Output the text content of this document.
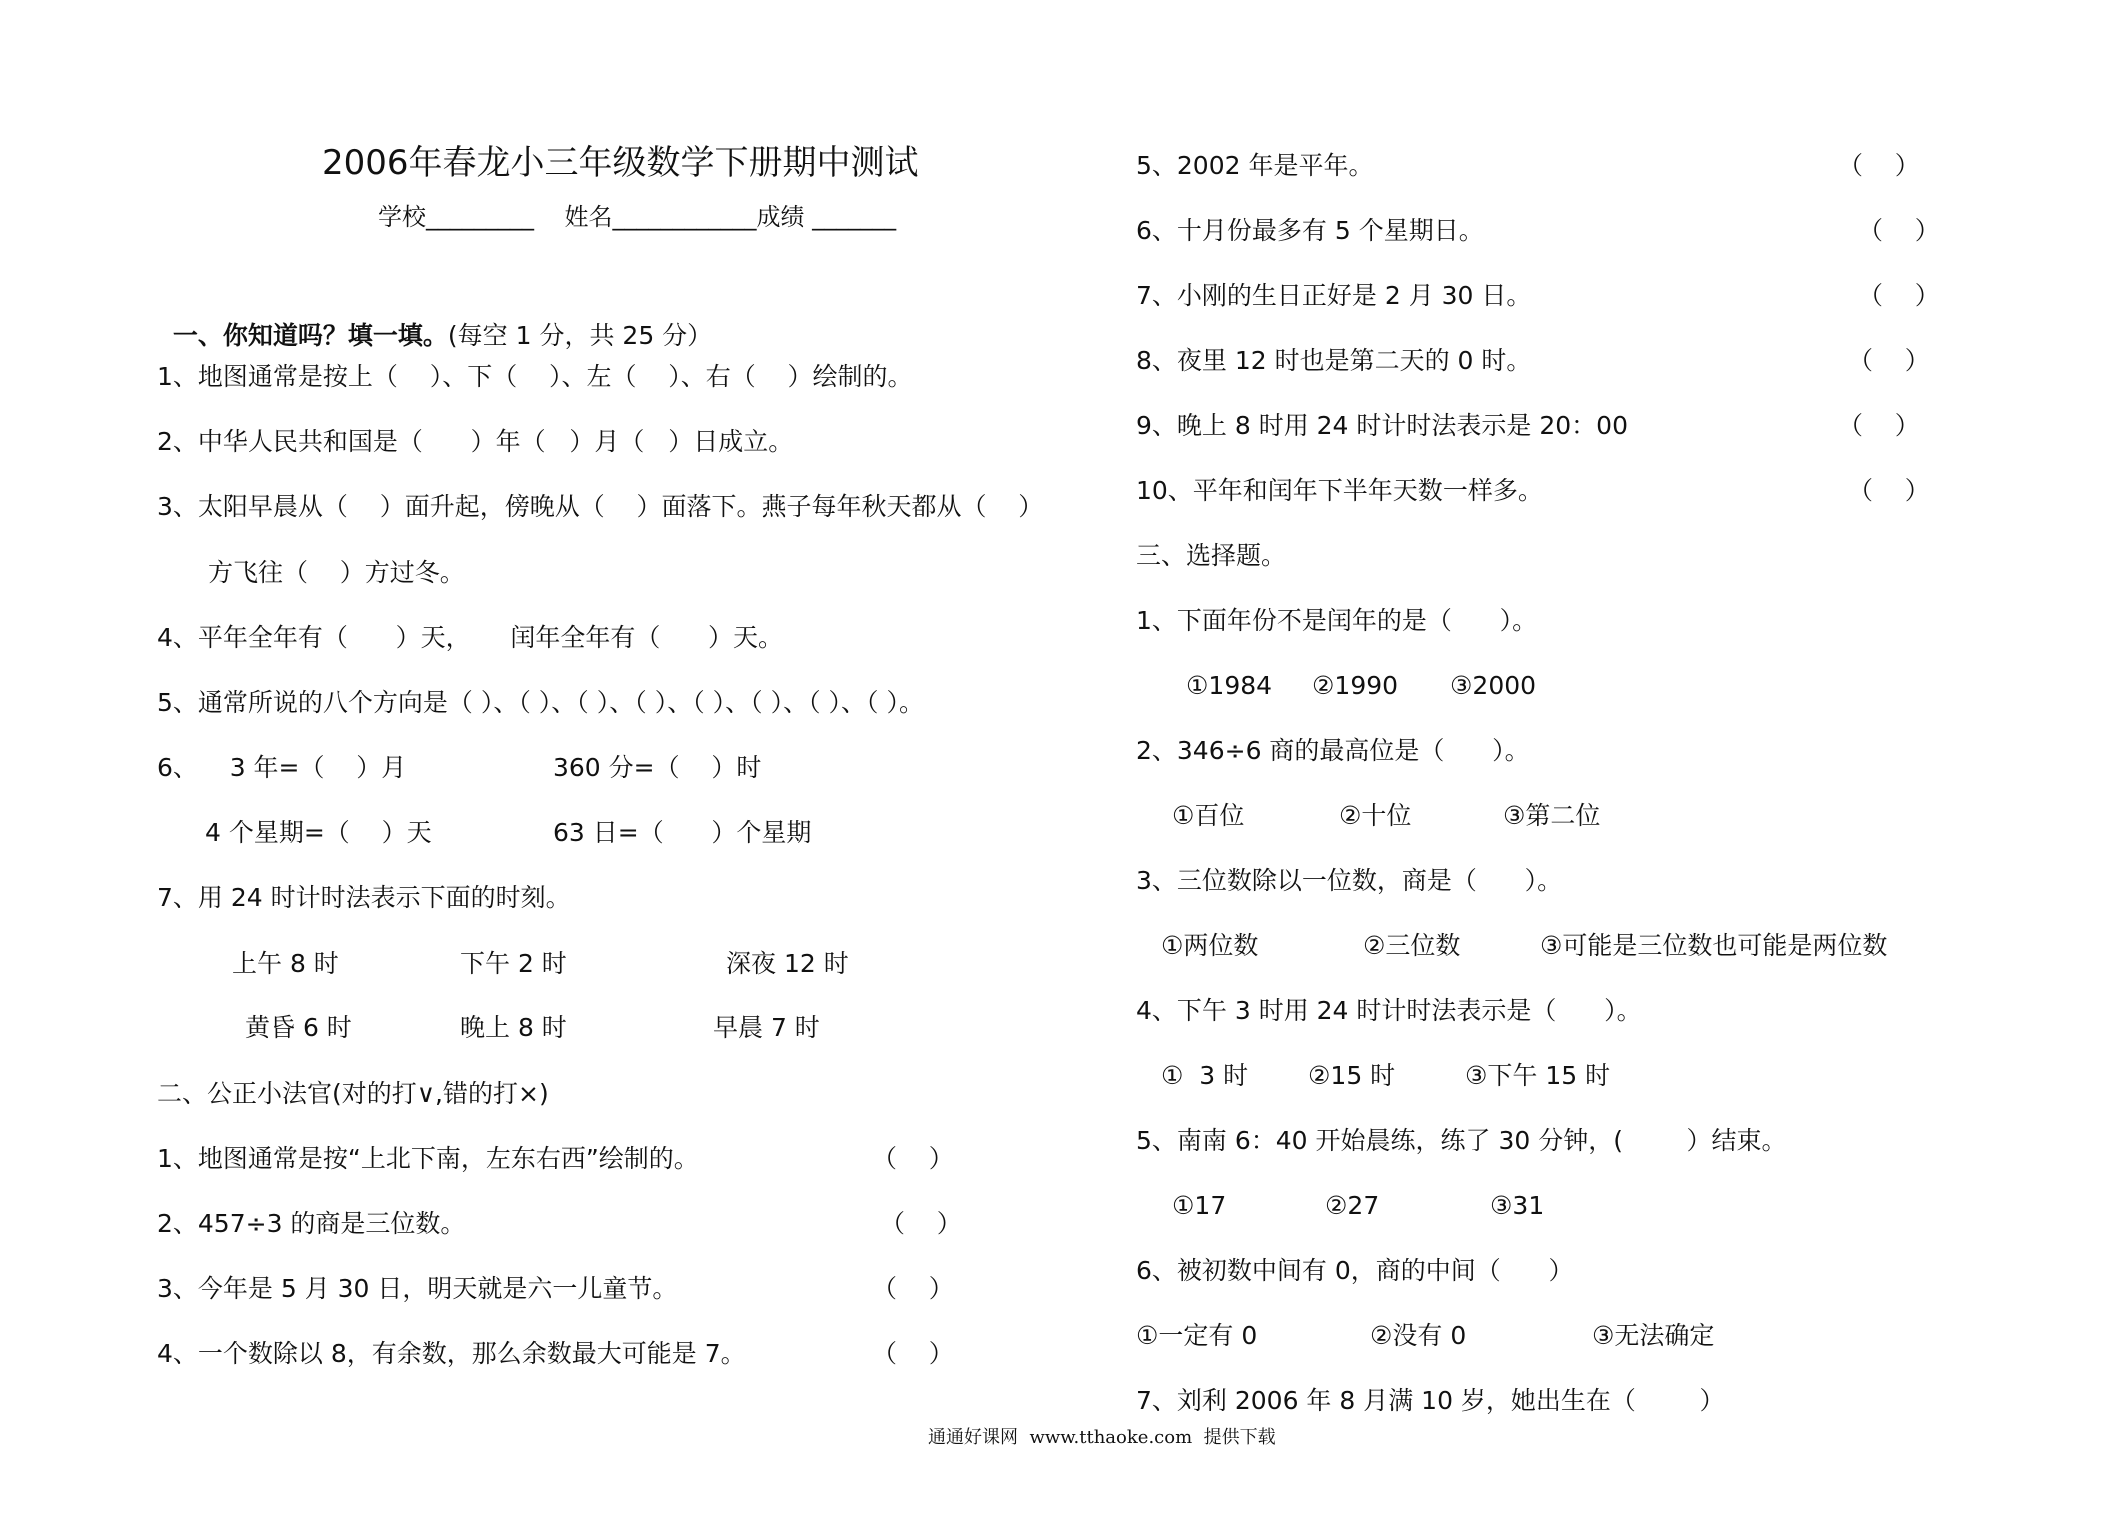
2006年春龙小三年级数学下册期中测试
学校_________    姓名____________成绩 _______

一、你知道吗？填一填。(每空 1 分，共 25 分）

1、地图通常是按上（    ）、下（    ）、左（    ）、右（    ）绘制的。
2、中华人民共和国是（      ）年（   ）月（   ）日成立。
3、太阳早晨从（    ）面升起，傍晚从（    ）面落下。燕子每年秋天都从（    ）
方飞往（    ）方过冬。
4、平年全年有（      ）天，     闰年全年有（      ）天。
5、通常所说的八个方向是（ ）、（ ）、（ ）、（ ）、（ ）、（ ）、（ ）、（ ）。
6、    3 年=（    ）月	360 分=（    ）时
4 个星期=（    ）天	63 日=（      ）个星期
7、用 24 时计时法表示下面的时刻。
上午 8 时	下午 2 时	深夜 12 时
黄昏 6 时	晚上 8 时	早晨 7 时
二、公正小法官(对的打∨,错的打×)
1、地图通常是按“上北下南，左东右西”绘制的。	（    ）
2、457÷3 的商是三位数。	（    ）
3、今年是 5 月 30 日，明天就是六一儿童节。	（    ）
4、一个数除以 8，有余数，那么余数最大可能是 7。	（    ）
5、2002 年是平年。	（    ）
6、十月份最多有 5 个星期日。	（    ）
7、小刚的生日正好是 2 月 30 日。	（    ）
8、夜里 12 时也是第二天的 0 时。	（    ）
9、晚上 8 时用 24 时计时法表示是 20：00	（    ）
10、平年和闰年下半年天数一样多。	（    ）
三、选择题。
1、下面年份不是闰年的是（      ）。
①1984 ②1990 ③2000
2、346÷6 商的最高位是（      ）。
①百位	②十位	③第二位
3、三位数除以一位数，商是（      ）。
①两位数	②三位数	③可能是三位数也可能是两位数
4、下午 3 时用 24 时计时法表示是（      ）。
①  3 时 ②15 时	③下午 15 时
5、南南 6：40 开始晨练，练了 30 分钟，(        ）结束。
①17	②27	③31
6、被初数中间有 0，商的中间（      ）
①一定有 0	②没有 0	③无法确定
7、刘利 2006 年 8 月满 10 岁，她出生在（        ）
通通好课网  www.tthaoke.com  提供下载
